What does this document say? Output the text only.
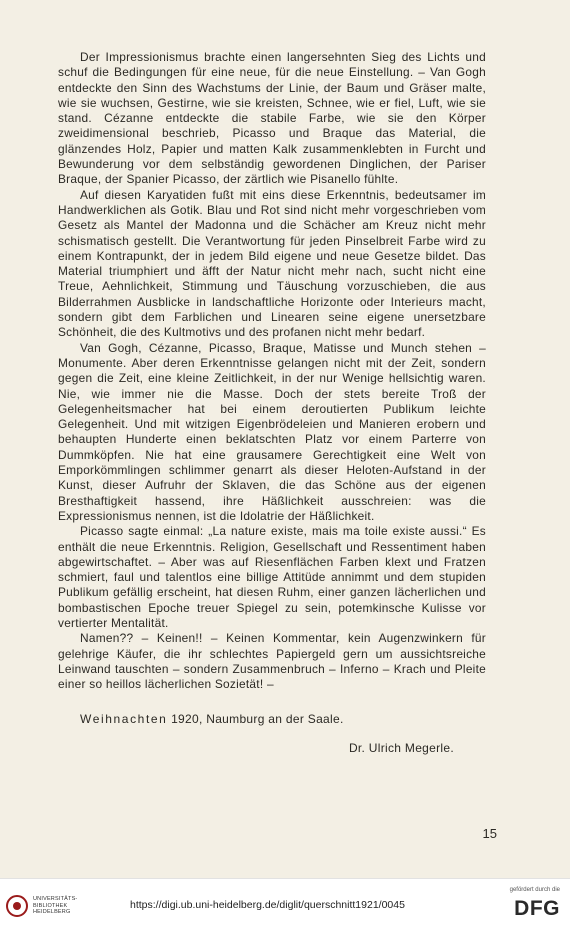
Der Impressionismus brachte einen langersehnten Sieg des Lichts und schuf die Bedingungen für eine neue, für die neue Einstellung. – Van Gogh entdeckte den Sinn des Wachstums der Linie, der Baum und Gräser malte, wie sie wuchsen, Gestirne, wie sie kreisten, Schnee, wie er fiel, Luft, wie sie stand. Cézanne entdeckte die stabile Farbe, wie sie den Körper zweidimensional beschrieb, Picasso und Braque das Material, die glänzendes Holz, Papier und matten Kalk zusammenklebten in Furcht und Bewunderung vor dem selbständig gewordenen Dinglichen, der Pariser Braque, der Spanier Picasso, der zärtlich wie Pisanello fühlte.

Auf diesen Karyatiden fußt mit eins diese Erkenntnis, bedeutsamer im Handwerklichen als Gotik. Blau und Rot sind nicht mehr vorgeschrieben vom Gesetz als Mantel der Madonna und die Schächer am Kreuz nicht mehr schismatisch gestellt. Die Verantwortung für jeden Pinselbreit Farbe wird zu einem Kontrapunkt, der in jedem Bild eigene und neue Gesetze bildet. Das Material triumphiert und äfft der Natur nicht mehr nach, sucht nicht eine Treue, Aehnlichkeit, Stimmung und Täuschung vorzuschieben, die aus Bilderrahmen Ausblicke in landschaftliche Horizonte oder Interieurs macht, sondern gibt dem Farblichen und Linearen seine eigene unersetzbare Schönheit, die des Kultmotivs und des profanen nicht mehr bedarf.

Van Gogh, Cézanne, Picasso, Braque, Matisse und Munch stehen – Monumente. Aber deren Erkenntnisse gelangen nicht mit der Zeit, sondern gegen die Zeit, eine kleine Zeitlichkeit, in der nur Wenige hellsichtig waren. Nie, wie immer nie die Masse. Doch der stets bereite Troß der Gelegenheitsmacher hat bei einem deroutierten Publikum leichte Gelegenheit. Und mit witzigen Eigenbrödeleien und Manieren erobern und behaupten Hunderte einen beklatschten Platz vor einem Parterre von Dummköpfen. Nie hat eine grausamere Gerechtigkeit eine Welt von Emporkömmlingen schlimmer genarrt als dieser Heloten-Aufstand in der Kunst, dieser Aufruhr der Sklaven, die das Schöne aus der eigenen Bresthaftigkeit hassend, ihre Häßlichkeit ausschreien: was die Expressionismus nennen, ist die Idolatrie der Häßlichkeit.

Picasso sagte einmal: „La nature existe, mais ma toile existe aussi.“ Es enthält die neue Erkenntnis. Religion, Gesellschaft und Ressentiment haben abgewirtschaftet. – Aber was auf Riesenflächen Farben klext und Fratzen schmiert, faul und talentlos eine billige Attitüde annimmt und dem stupiden Publikum gefällig erscheint, hat diesen Ruhm, einer ganzen lächerlichen und bombastischen Epoche treuer Spiegel zu sein, potemkinsche Kulisse vor vertierter Mentalität.

Namen?? – Keinen!! – Keinen Kommentar, kein Augenzwinkern für gelehrige Käufer, die ihr schlechtes Papiergeld gern um aussichtsreiche Leinwand tauschten – sondern Zusammenbruch – Inferno – Krach und Pleite einer so heillos lächerlichen Sozietät! –

Weihnachten 1920, Naumburg an der Saale.
Dr. Ulrich Megerle.
15
UNIVERSITÄTS-
BIBLIOTHEK
HEIDELBERG
https://digi.ub.uni-heidelberg.de/diglit/querschnitt1921/0045
gefördert durch die
DFG
